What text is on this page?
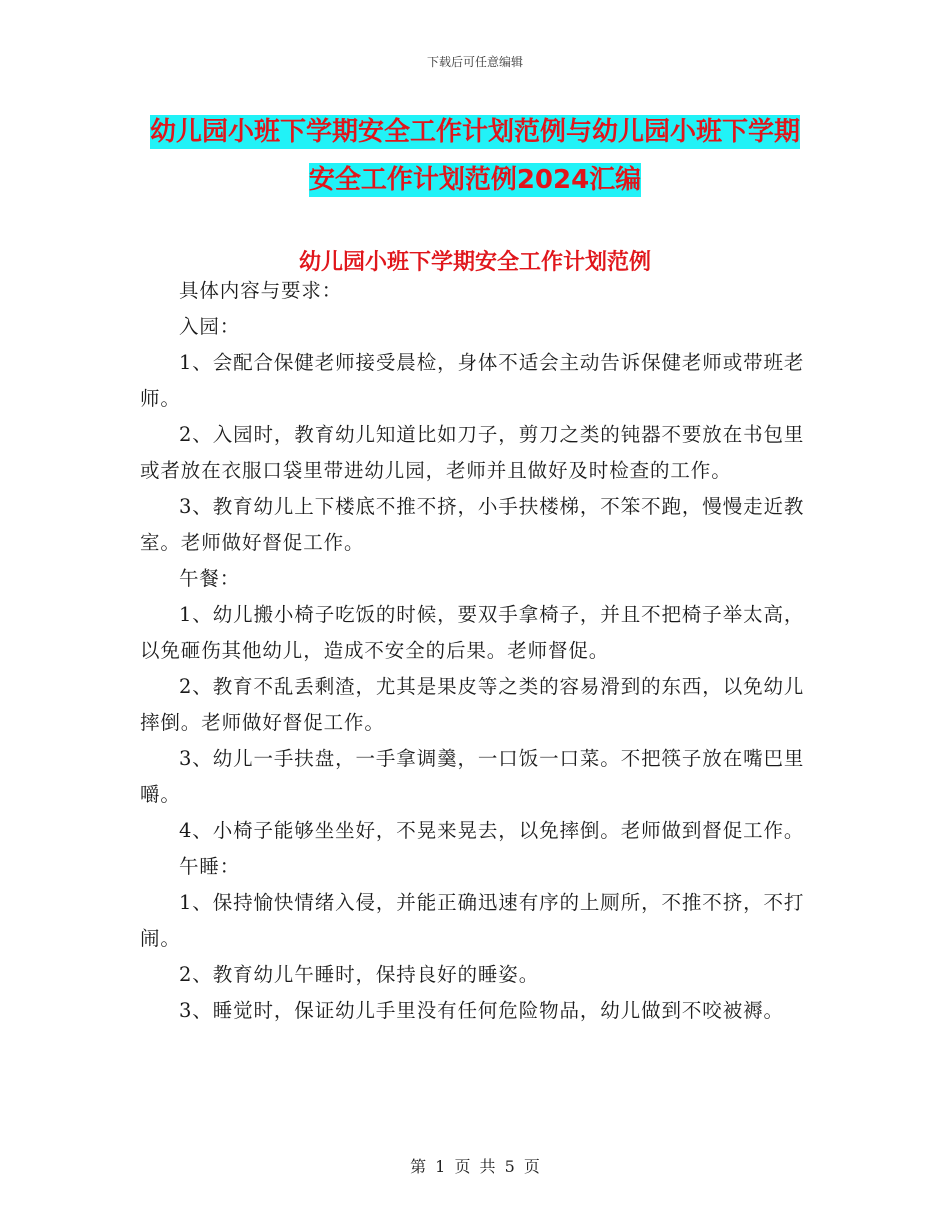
下载后可任意编辑
幼儿园小班下学期安全工作计划范例与幼儿园小班下学期安全工作计划范例2024汇编
幼儿园小班下学期安全工作计划范例

具体内容与要求：

入园：

1、会配合保健老师接受晨检，身体不适会主动告诉保健老师或带班老师。

2、入园时，教育幼儿知道比如刀子，剪刀之类的钝器不要放在书包里或者放在衣服口袋里带进幼儿园，老师并且做好及时检查的工作。

3、教育幼儿上下楼底不推不挤，小手扶楼梯，不笨不跑，慢慢走近教室。老师做好督促工作。

午餐：

1、幼儿搬小椅子吃饭的时候，要双手拿椅子，并且不把椅子举太高，以免砸伤其他幼儿，造成不安全的后果。老师督促。

2、教育不乱丢剩渣，尤其是果皮等之类的容易滑到的东西，以免幼儿摔倒。老师做好督促工作。

3、幼儿一手扶盘，一手拿调羹，一口饭一口菜。不把筷子放在嘴巴里嚼。

4、小椅子能够坐坐好，不晃来晃去，以免摔倒。老师做到督促工作。

午睡：

1、保持愉快情绪入侵，并能正确迅速有序的上厕所，不推不挤，不打闹。

2、教育幼儿午睡时，保持良好的睡姿。

3、睡觉时，保证幼儿手里没有任何危险物品，幼儿做到不咬被褥。

第 1 页 共 5 页
